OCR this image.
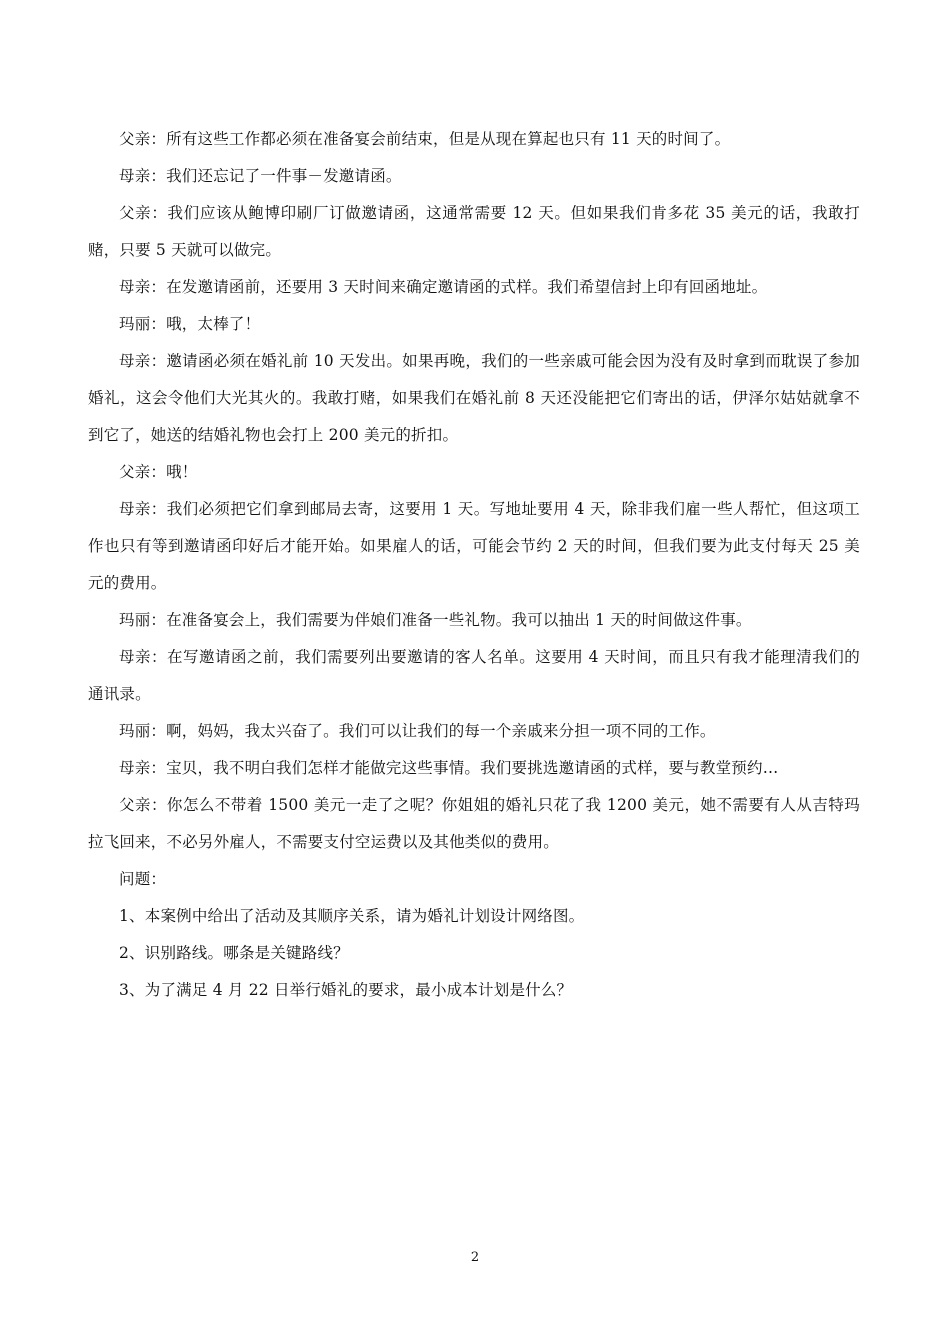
父亲：所有这些工作都必须在准备宴会前结束，但是从现在算起也只有 11 天的时间了。

母亲：我们还忘记了一件事－发邀请函。

父亲：我们应该从鲍博印刷厂订做邀请函，这通常需要 12 天。但如果我们肯多花 35 美元的话，我敢打赌，只要 5 天就可以做完。

母亲：在发邀请函前，还要用 3 天时间来确定邀请函的式样。我们希望信封上印有回函地址。

玛丽：哦，太棒了！

母亲：邀请函必须在婚礼前 10 天发出。如果再晚，我们的一些亲戚可能会因为没有及时拿到而耽误了参加婚礼，这会令他们大光其火的。我敢打赌，如果我们在婚礼前 8 天还没能把它们寄出的话，伊泽尔姑姑就拿不到它了，她送的结婚礼物也会打上 200 美元的折扣。

父亲：哦！

母亲：我们必须把它们拿到邮局去寄，这要用 1 天。写地址要用 4 天，除非我们雇一些人帮忙，但这项工作也只有等到邀请函印好后才能开始。如果雇人的话，可能会节约 2 天的时间，但我们要为此支付每天 25 美元的费用。

玛丽：在准备宴会上，我们需要为伴娘们准备一些礼物。我可以抽出 1 天的时间做这件事。

母亲：在写邀请函之前，我们需要列出要邀请的客人名单。这要用 4 天时间，而且只有我才能理清我们的通讯录。

玛丽：啊，妈妈，我太兴奋了。我们可以让我们的每一个亲戚来分担一项不同的工作。

母亲：宝贝，我不明白我们怎样才能做完这些事情。我们要挑选邀请函的式样，要与教堂预约…

父亲：你怎么不带着 1500 美元一走了之呢？你姐姐的婚礼只花了我 1200 美元，她不需要有人从吉特玛拉飞回来，不必另外雇人，不需要支付空运费以及其他类似的费用。

问题：

1、本案例中给出了活动及其顺序关系，请为婚礼计划设计网络图。

2、识别路线。哪条是关键路线？

3、为了满足 4 月 22 日举行婚礼的要求，最小成本计划是什么？

2
